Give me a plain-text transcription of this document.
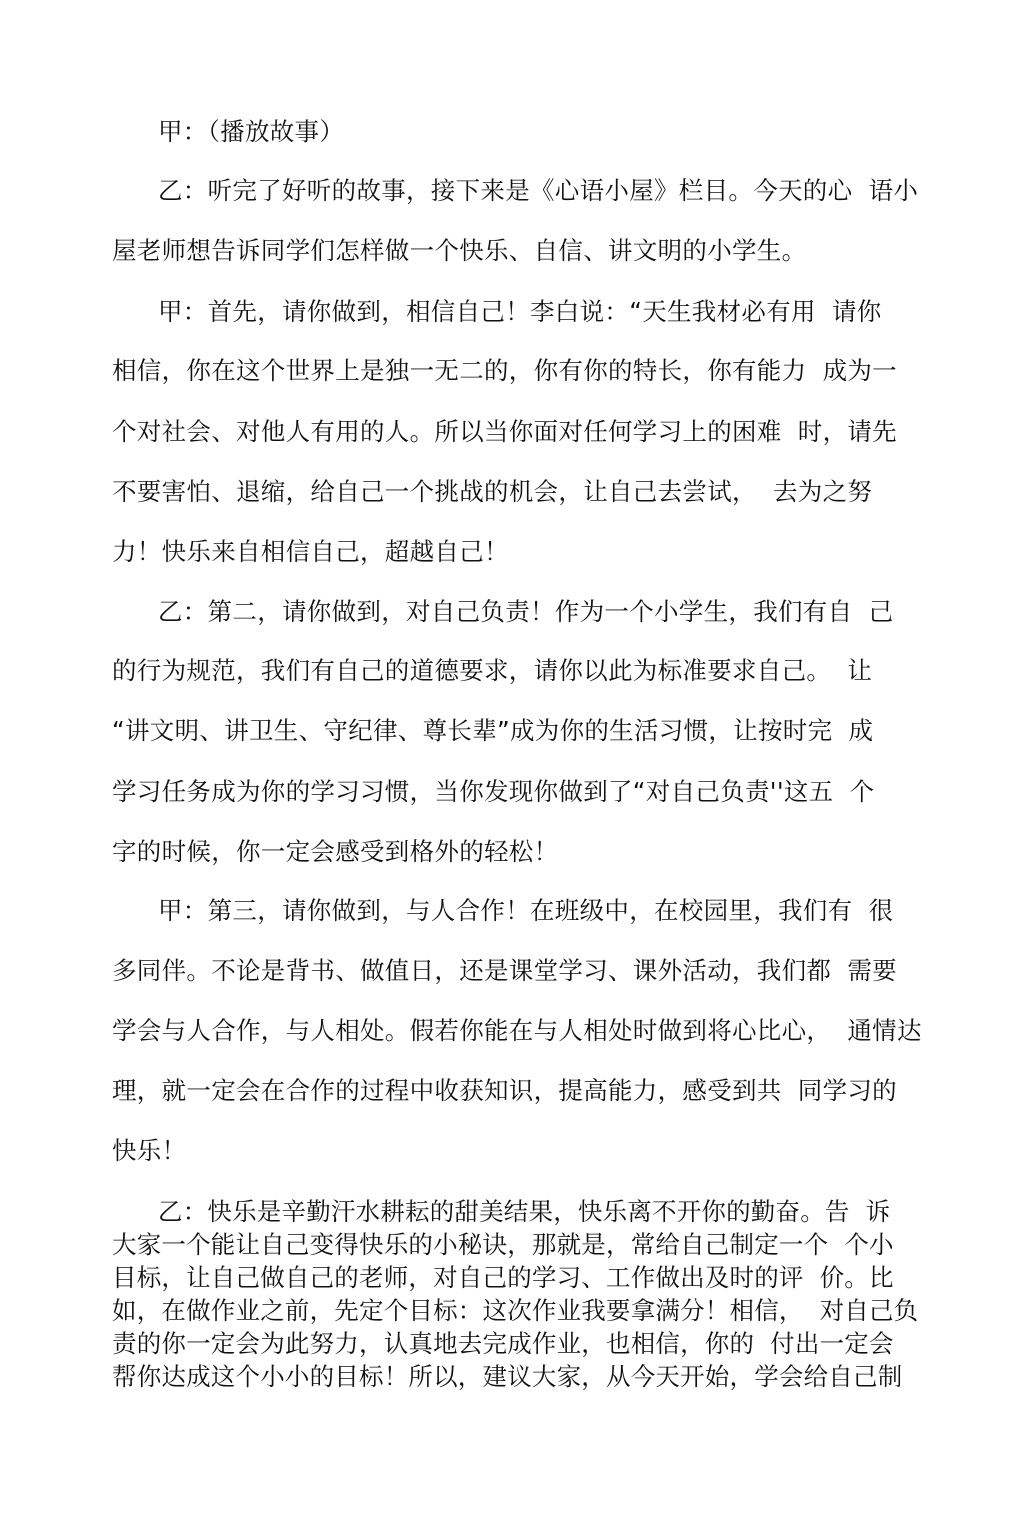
甲：（播放故事）

乙：听完了好听的故事，接下来是《心语小屋》栏目。今天的心  语小

屋老师想告诉同学们怎样做一个快乐、自信、讲文明的小学生。

甲：首先，请你做到，相信自己！李白说：“天生我材必有用  请你

相信，你在这个世界上是独一无二的，你有你的特长，你有能力  成为一

个对社会、对他人有用的人。所以当你面对任何学习上的困难  时，请先

不要害怕、退缩，给自己一个挑战的机会，让自己去尝试，  去为之努

力！快乐来自相信自己，超越自己！

乙：第二，请你做到，对自己负责！作为一个小学生，我们有自  己

的行为规范，我们有自己的道德要求，请你以此为标准要求自己。  让

“讲文明、讲卫生、守纪律、尊长辈”成为你的生活习惯，让按时完  成

学习任务成为你的学习习惯，当你发现你做到了“对自己负责''这五  个

字的时候，你一定会感受到格外的轻松！

甲：第三，请你做到，与人合作！在班级中，在校园里，我们有  很

多同伴。不论是背书、做值日，还是课堂学习、课外活动，我们都  需要

学会与人合作，与人相处。假若你能在与人相处时做到将心比心，  通情达

理，就一定会在合作的过程中收获知识，提高能力，感受到共  同学习的

快乐！

乙：快乐是辛勤汗水耕耘的甜美结果，快乐离不开你的勤奋。告  诉

大家一个能让自己变得快乐的小秘诀，那就是，常给自己制定一个  个小

目标，让自己做自己的老师，对自己的学习、工作做出及时的评  价。比

如，在做作业之前，先定个目标：这次作业我要拿满分！相信，  对自己负

责的你一定会为此努力，认真地去完成作业，也相信，你的  付出一定会

帮你达成这个小小的目标！所以，建议大家，从今天开始，学会给自己制
